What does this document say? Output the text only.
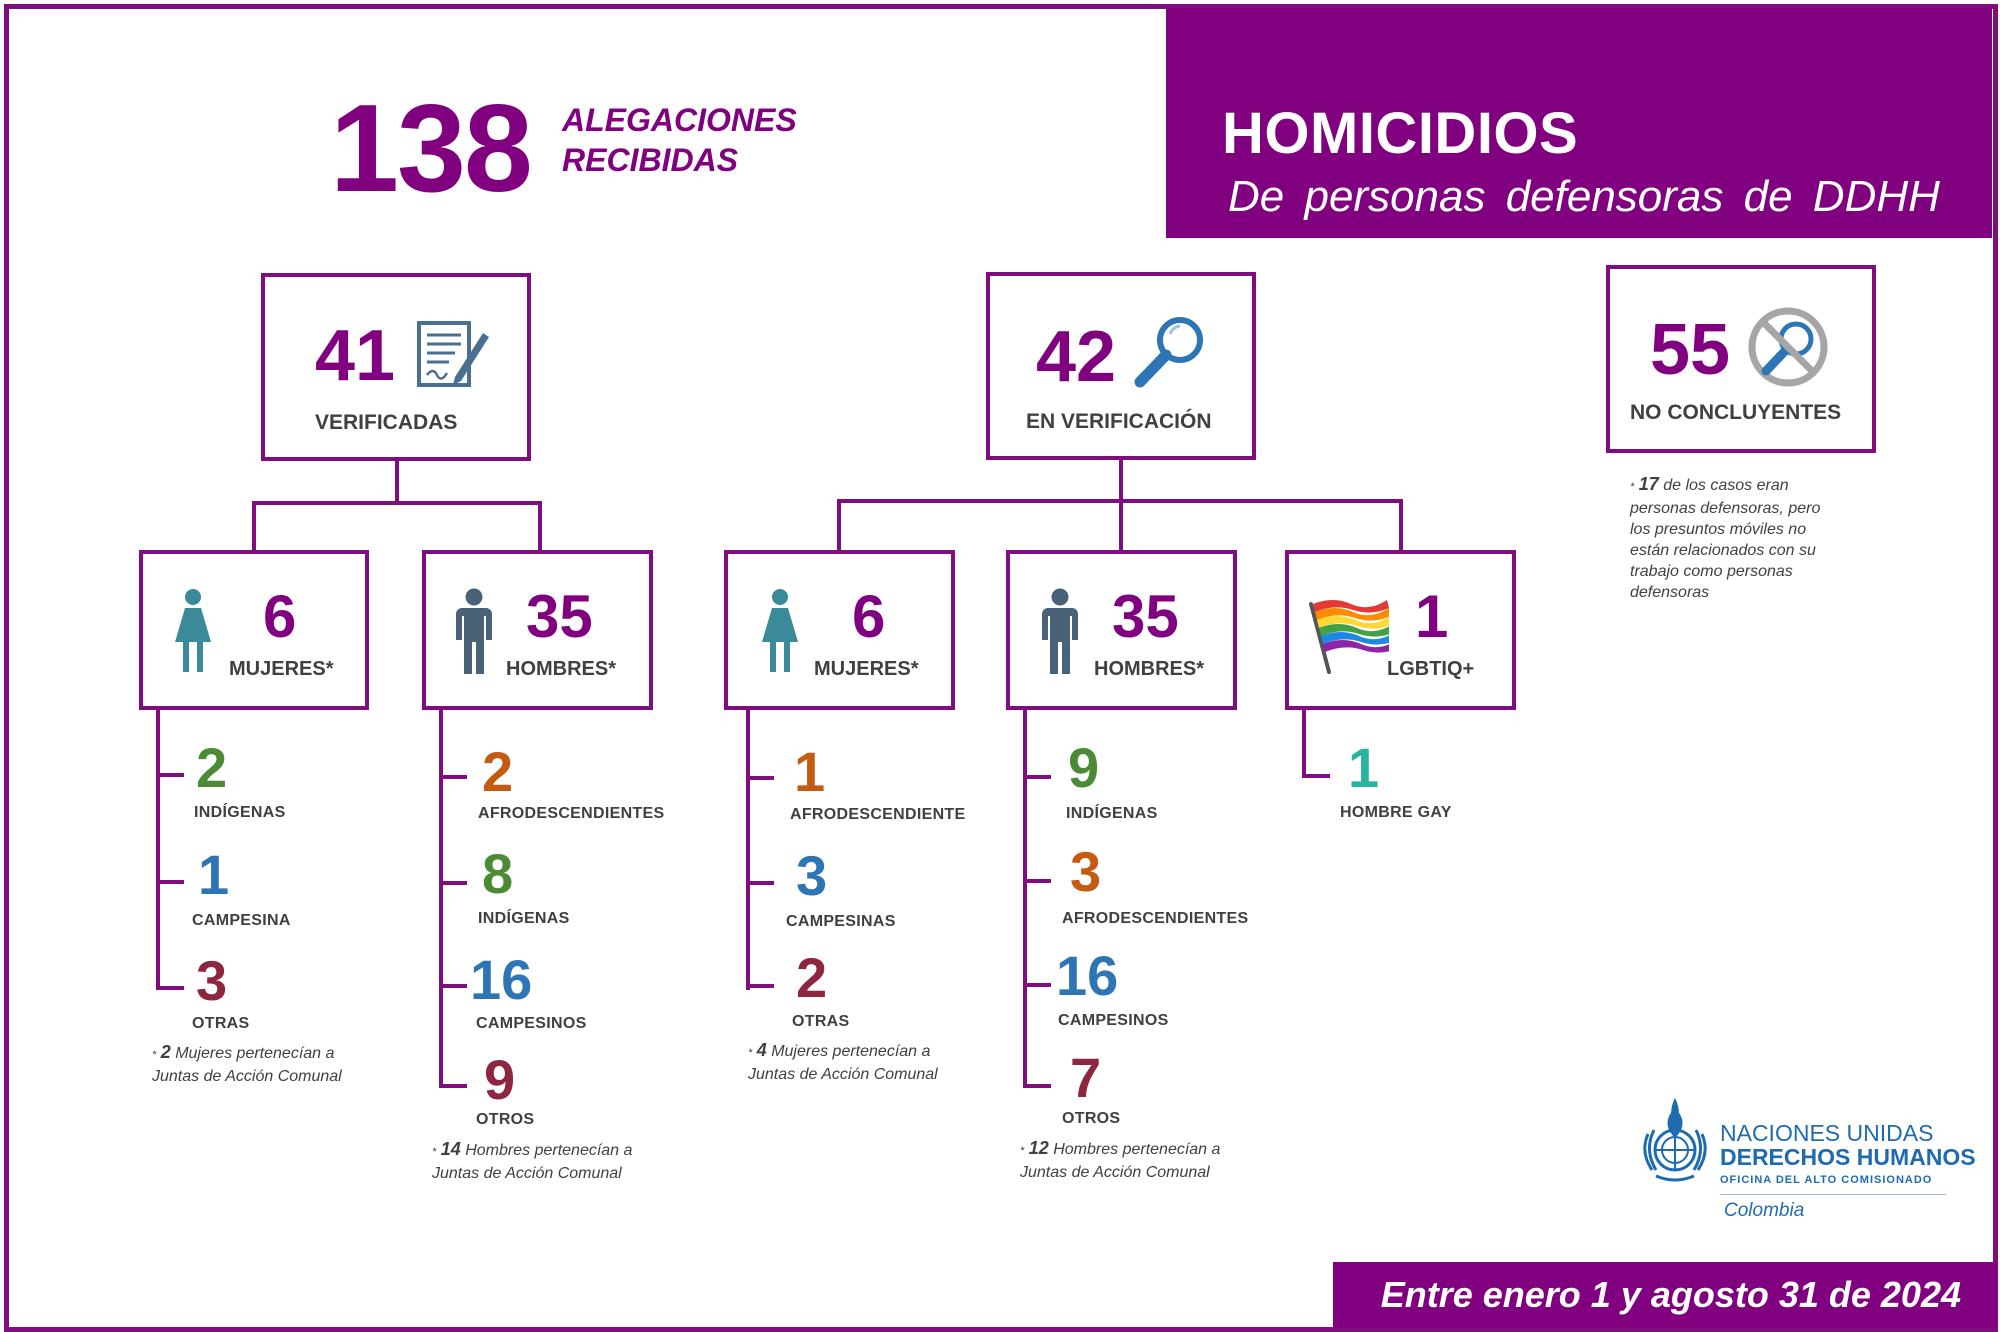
HOMICIDIOS
De personas defensoras de DDHH
138 ALEGACIONES
RECIBIDAS
41
VERIFICADAS
6
MUJERES*
35
HOMBRES*
2
INDÍGENAS
1
CAMPESINA
3
OTRAS
* 2 Mujeres pertenecían a
Juntas de Acción Comunal
2
AFRODESCENDIENTES
8
INDÍGENAS
16
CAMPESINOS
9
OTROS
* 14 Hombres pertenecían a
Juntas de Acción Comunal
42
EN VERIFICACIÓN
6
MUJERES*
35
HOMBRES*
1
LGBTIQ+
1
AFRODESCENDIENTE
3
CAMPESINAS
2
OTRAS
* 4 Mujeres pertenecían a
Juntas de Acción Comunal
9
INDÍGENAS
3
AFRODESCENDIENTES
16
CAMPESINOS
7
OTROS
* 12 Hombres pertenecían a
Juntas de Acción Comunal
1
HOMBRE GAY
55
NO CONCLUYENTES
* 17 de los casos eran
personas defensoras, pero
los presuntos móviles no
están relacionados con su
trabajo como personas
defensoras
NACIONES UNIDAS
DERECHOS HUMANOS
OFICINA DEL ALTO COMISIONADO
Colombia
Entre enero 1 y agosto 31 de 2024
